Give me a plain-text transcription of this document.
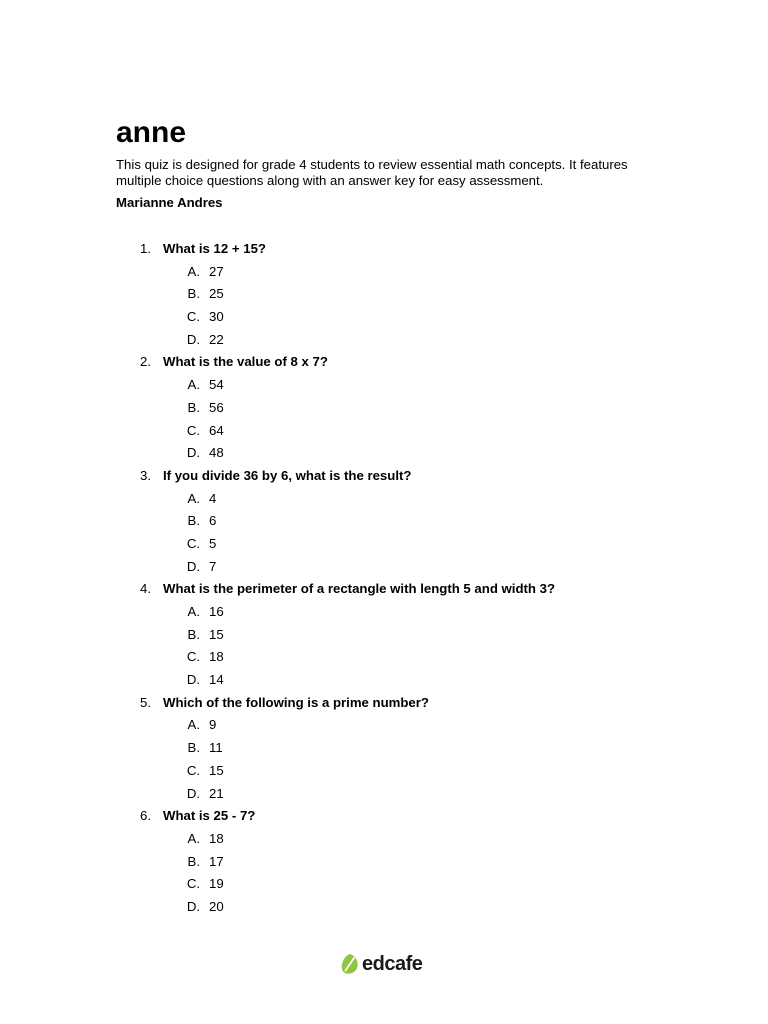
anne

This quiz is designed for grade 4 students to review essential math concepts. It features multiple choice questions along with an answer key for easy assessment.

Marianne Andres

1. What is 12 + 15?
A. 27
B. 25
C. 30
D. 22
2. What is the value of 8 x 7?
A. 54
B. 56
C. 64
D. 48
3. If you divide 36 by 6, what is the result?
A. 4
B. 6
C. 5
D. 7
4. What is the perimeter of a rectangle with length 5 and width 3?
A. 16
B. 15
C. 18
D. 14
5. Which of the following is a prime number?
A. 9
B. 11
C. 15
D. 21
6. What is 25 - 7?
A. 18
B. 17
C. 19
D. 20
edcafe
